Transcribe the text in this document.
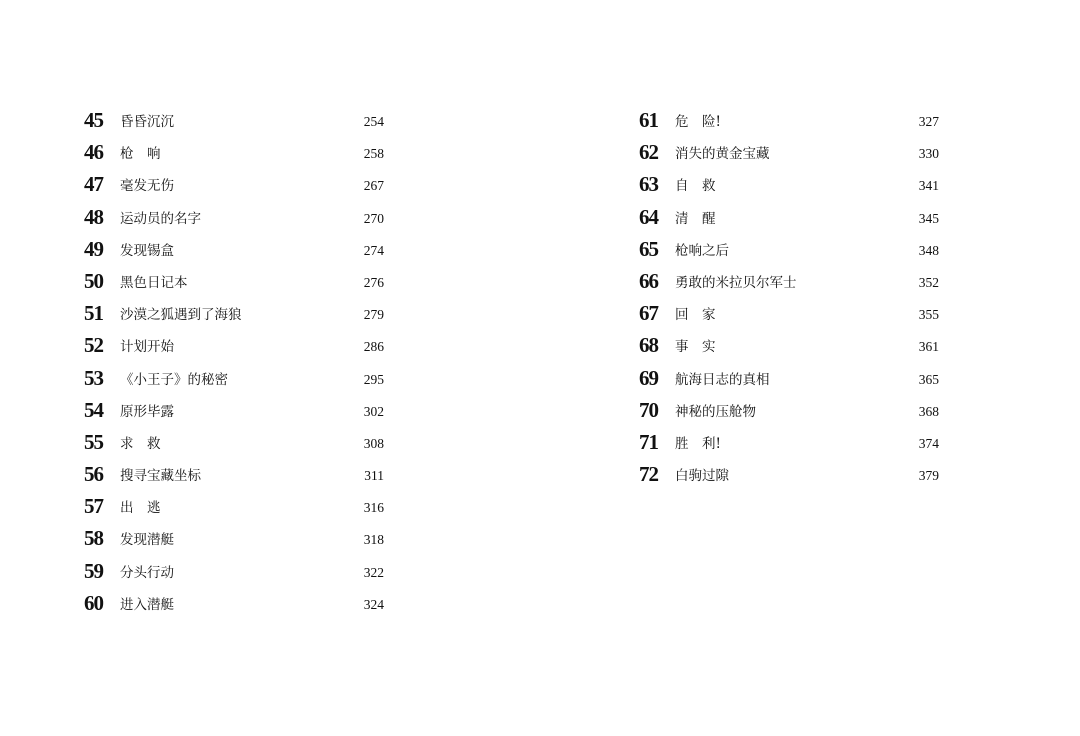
45 昏昏沉沉	254
46 枪　响	258
47 毫发无伤	267
48 运动员的名字	270
49 发现锡盒	274
50 黑色日记本	276
51 沙漠之狐遇到了海狼	279
52 计划开始	286
53 《小王子》的秘密	295
54 原形毕露	302
55 求　救	308
56 搜寻宝藏坐标	311
57 出　逃	316
58 发现潜艇	318
59 分头行动	322
60 进入潜艇	324
61 危　险!	327
62 消失的黄金宝藏	330
63 自　救	341
64 清　醒	345
65 枪响之后	348
66 勇敢的米拉贝尔军士	352
67 回　家	355
68 事　实	361
69 航海日志的真相	365
70 神秘的压舱物	368
71 胜　利!	374
72 白驹过隙	379
